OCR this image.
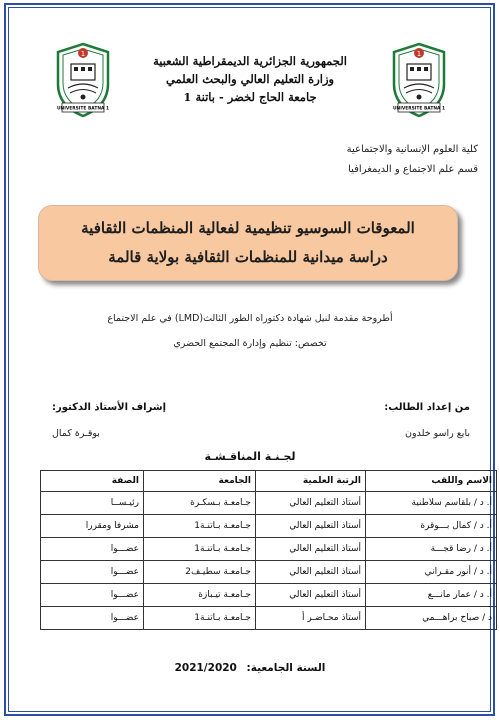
1
UNIVERSITE BATNA 1
1
UNIVERSITE BATNA 1
الجمهورية الجزائرية الديمقراطية الشعبية
وزارة التعليم العالي والبحث العلمي
جامعة الحاج لخضر - باتنة 1
كلية العلوم الإنسانية والاجتماعية
قسم علم الاجتماع و الديمغرافيا
المعوقات السوسيو تنظيمية لفعالية المنظمات الثقافية
دراسة ميدانية للمنظمات الثقافية بولاية قالمة
أطروحة مقدمة لنيل شهادة دكتوراه الطور الثالث(LMD) في علم الاجتماع
تخصص: تنظيم وإدارة المجتمع الحضري
من إعداد الطالب:
بايع راسو خلدون
إشراف الأستاذ الدكتور:
بوقـرة كمال
لجـنـة المناقـشـة
الاسم واللقب	الرتبة العلمية	الجامعة	الصفة
أ. د / بلقاسم سلاطنية	أستاذ التعليم العالي	جـامعـة بـسكـرة	رئيـســا
أ. د / كمال بـــوقرة	أستاذ التعليم العالي	جـامعـة بـاتنـة1	مشرفا ومقررا
أ. د / رضا قجـــة	أستاذ التعليم العالي	جـامعـة بـاتنـة1	عضـــوا
أ. د / أنور مقـراني	أستاذ التعليم العالي	جـامعـة سطيـف2	عضـــوا
أ. د / عمار مانـــع	أستاذ التعليم العالي	جـامعـة تيـبازة	عضـــوا
د / صباح براهـــمي	أستاذ محـاضـر أ	جـامعـة بـاتنـة1	عضـــوا
السنة الجامعية: 2021/2020
